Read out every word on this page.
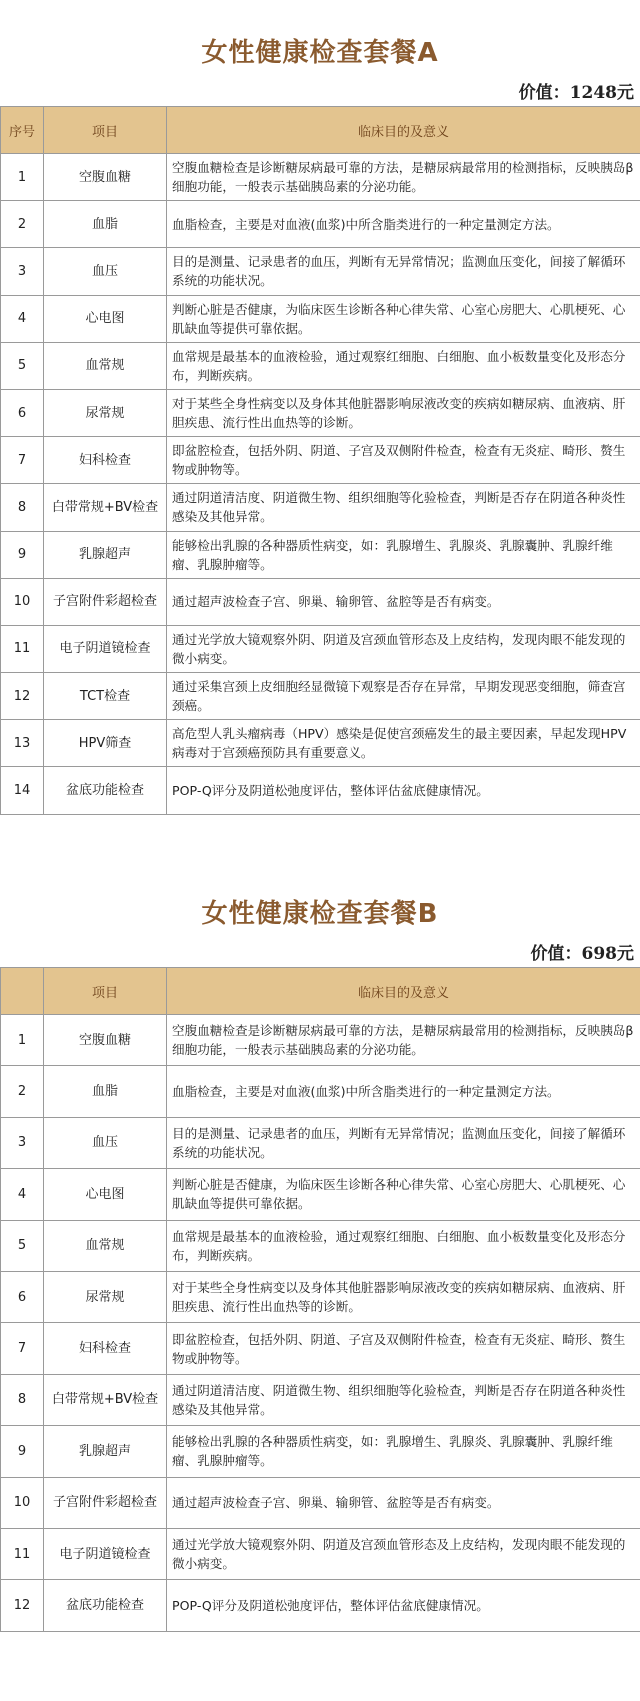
女性健康检查套餐A
价值：1248元
序号	项目	临床目的及意义
1	空腹血糖	空腹血糖检查是诊断糖尿病最可靠的方法，是糖尿病最常用的检测指标，反映胰岛β细胞功能，一般表示基础胰岛素的分泌功能。
2	血脂	血脂检查，主要是对血液(血浆)中所含脂类进行的一种定量测定方法。
3	血压	目的是测量、记录患者的血压，判断有无异常情况；监测血压变化，间接了解循环系统的功能状况。
4	心电图	判断心脏是否健康，为临床医生诊断各种心律失常、心室心房肥大、心肌梗死、心肌缺血等提供可靠依据。
5	血常规	血常规是最基本的血液检验，通过观察红细胞、白细胞、血小板数量变化及形态分布，判断疾病。
6	尿常规	对于某些全身性病变以及身体其他脏器影响尿液改变的疾病如糖尿病、血液病、肝胆疾患、流行性出血热等的诊断。
7	妇科检查	即盆腔检查，包括外阴、阴道、子宫及双侧附件检查，检查有无炎症、畸形、赘生物或肿物等。
8	白带常规+BV检查	通过阴道清洁度、阴道微生物、组织细胞等化验检查，判断是否存在阴道各种炎性感染及其他异常。
9	乳腺超声	能够检出乳腺的各种器质性病变，如：乳腺增生、乳腺炎、乳腺囊肿、乳腺纤维瘤、乳腺肿瘤等。
10	子宫附件彩超检查	通过超声波检查子宫、卵巢、输卵管、盆腔等是否有病变。
11	电子阴道镜检查	通过光学放大镜观察外阴、阴道及宫颈血管形态及上皮结构，发现肉眼不能发现的微小病变。
12	TCT检查	通过采集宫颈上皮细胞经显微镜下观察是否存在异常，早期发现恶变细胞，筛查宫颈癌。
13	HPV筛查	高危型人乳头瘤病毒（HPV）感染是促使宫颈癌发生的最主要因素，早起发现HPV病毒对于宫颈癌预防具有重要意义。
14	盆底功能检查	POP-Q评分及阴道松弛度评估，整体评估盆底健康情况。
女性健康检查套餐B
价值：698元
	项目	临床目的及意义
1	空腹血糖	空腹血糖检查是诊断糖尿病最可靠的方法，是糖尿病最常用的检测指标，反映胰岛β细胞功能，一般表示基础胰岛素的分泌功能。
2	血脂	血脂检查，主要是对血液(血浆)中所含脂类进行的一种定量测定方法。
3	血压	目的是测量、记录患者的血压，判断有无异常情况；监测血压变化，间接了解循环系统的功能状况。
4	心电图	判断心脏是否健康，为临床医生诊断各种心律失常、心室心房肥大、心肌梗死、心肌缺血等提供可靠依据。
5	血常规	血常规是最基本的血液检验，通过观察红细胞、白细胞、血小板数量变化及形态分布，判断疾病。
6	尿常规	对于某些全身性病变以及身体其他脏器影响尿液改变的疾病如糖尿病、血液病、肝胆疾患、流行性出血热等的诊断。
7	妇科检查	即盆腔检查，包括外阴、阴道、子宫及双侧附件检查，检查有无炎症、畸形、赘生物或肿物等。
8	白带常规+BV检查	通过阴道清洁度、阴道微生物、组织细胞等化验检查，判断是否存在阴道各种炎性感染及其他异常。
9	乳腺超声	能够检出乳腺的各种器质性病变，如：乳腺增生、乳腺炎、乳腺囊肿、乳腺纤维瘤、乳腺肿瘤等。
10	子宫附件彩超检查	通过超声波检查子宫、卵巢、输卵管、盆腔等是否有病变。
11	电子阴道镜检查	通过光学放大镜观察外阴、阴道及宫颈血管形态及上皮结构，发现肉眼不能发现的微小病变。
12	盆底功能检查	POP-Q评分及阴道松弛度评估，整体评估盆底健康情况。
